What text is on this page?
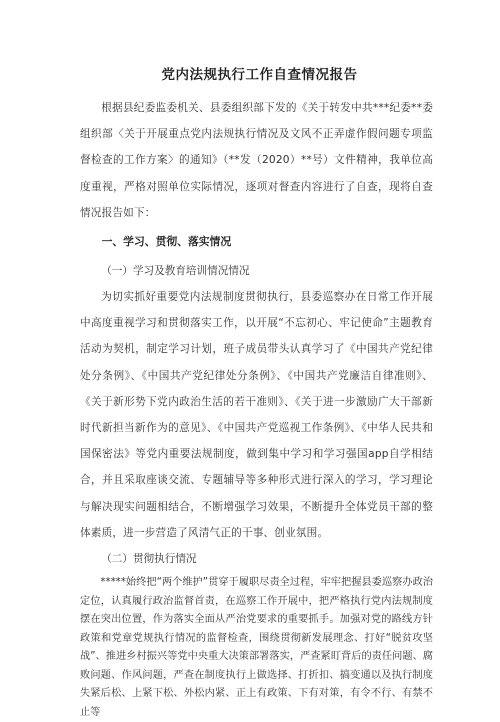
党内法规执行工作自查情况报告

根据县纪委监委机关、县委组织部下发的《关于转发中共***纪委**委组织部〈关于开展重点党内法规执行情况及文风不正弄虚作假问题专项监督检查的工作方案〉的通知》（**发（2020）**号）文件精神，我单位高度重视，严格对照单位实际情况，逐项对督查内容进行了自查，现将自查情况报告如下：

一、学习、贯彻、落实情况

（一）学习及教育培训情况情况

为切实抓好重要党内法规制度贯彻执行，县委巡察办在日常工作开展中高度重视学习和贯彻落实工作，以开展“不忘初心、牢记使命”主题教育活动为契机，制定学习计划，班子成员带头认真学习了《中国共产党纪律处分条例》、《中国共产党纪律处分条例》、《中国共产党廉洁自律准则》、《关于新形势下党内政治生活的若干准则》、《关于进一步激励广大干部新时代新担当新作为的意见》、《中国共产党巡视工作条例》、《中华人民共和国保密法》等党内重要法规制度，做到集中学习和学习强国app自学相结合，并且采取座谈交流、专题辅导等多种形式进行深入的学习，学习理论与解决现实问题相结合，不断增强学习效果，不断提升全体党员干部的整体素质，进一步营造了风清气正的干事、创业氛围。

（二）贯彻执行情况

*****始终把“两个维护”贯穿于履职尽责全过程，牢牢把握县委巡察办政治定位，认真履行政治监督首责，在巡察工作开展中，把严格执行党内法规制度摆在突出位置，作为落实全面从严治党要求的重要抓手。加强对党的路线方针政策和党章党规执行情况的监督检查，围绕贯彻新发展理念、打好“脱贫攻坚战”、推进乡村振兴等党中央重大决策部署落实，严查紧盯背后的责任问题、腐败问题、作风问题，严查在制度执行上做选择、打折扣、搞变通以及执行制度失紧后松、上紧下松、外松内紧、正上有政策、下有对策，有令不行、有禁不止等
